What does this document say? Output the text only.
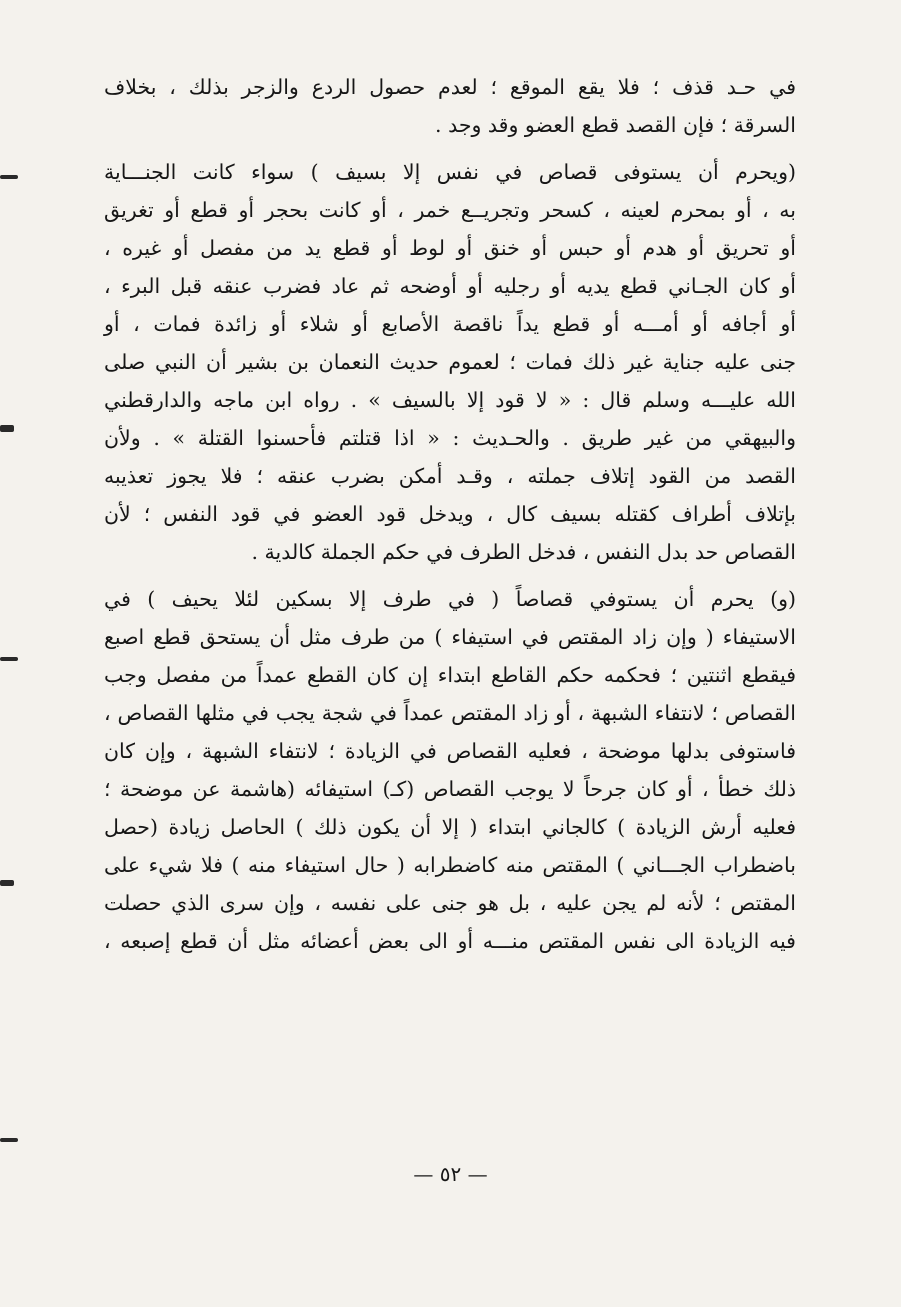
في حـد قذف ؛ فلا يقع الموقع ؛ لعدم حصول الردع والزجر بذلك ، بخلاف
السرقة ؛ فإن القصد قطع العضو وقد وجد .
(ويحرم أن يستوفى قصاص في نفس إلا بسيف ) سواء كانت الجنـــاية
به ، أو بمحرم لعينه ، كسحر وتجريــع خمر ، أو كانت بحجر أو قطع أو تغريق
أو تحريق أو هدم أو حبس أو خنق أو لوط أو قطع يد من مفصل أو غيره ،
أو كان الجـاني قطع يديه أو رجليه أو أوضحه ثم عاد فضرب عنقه قبل البرء ،
أو أجافه أو أمـــه أو قطع يداً ناقصة الأصابع أو شلاء أو زائدة فمات ، أو
جنى عليه جناية غير ذلك فمات ؛ لعموم حديث النعمان بن بشير أن النبي صلى
الله عليـــه وسلم قال : « لا قود إلا بالسيف » . رواه ابن ماجه والدارقطني
والبيهقي من غير طريق . والحـديث : « اذا قتلتم فأحسنوا القتلة » . ولأن
القصد من القود إتلاف جملته ، وقـد أمكن بضرب عنقه ؛ فلا يجوز تعذيبه
بإتلاف أطراف كقتله بسيف كال ، ويدخل قود العضو في قود النفس ؛ لأن
القصاص حد بدل النفس ، فدخل الطرف في حكم الجملة كالدية .
(و) يحرم أن يستوفي قصاصاً ( في طرف إلا بسكين لئلا يحيف ) في
الاستيفاء ( وإن زاد المقتص في استيفاء ) من طرف مثل أن يستحق قطع اصبع
فيقطع اثنتين ؛ فحكمه حكم القاطع ابتداء إن كان القطع عمداً من مفصل وجب
القصاص ؛ لانتفاء الشبهة ، أو زاد المقتص عمداً في شجة يجب في مثلها القصاص ،
فاستوفى بدلها موضحة ، فعليه القصاص في الزيادة ؛ لانتفاء الشبهة ، وإن كان
ذلك خطأ ، أو كان جرحاً لا يوجب القصاص (كـ) استيفائه (هاشمة عن موضحة ؛
فعليه أرش الزيادة ) كالجاني ابتداء ( إلا أن يكون ذلك ) الحاصل زيادة (حصل
باضطراب الجـــاني ) المقتص منه كاضطرابه ( حال استيفاء منه ) فلا شيء على
المقتص ؛ لأنه لم يجن عليه ، بل هو جنى على نفسه ، وإن سرى الذي حصلت
فيه الزيادة الى نفس المقتص منـــه أو الى بعض أعضائه مثل أن قطع إصبعه ،
— ٥٢ —
